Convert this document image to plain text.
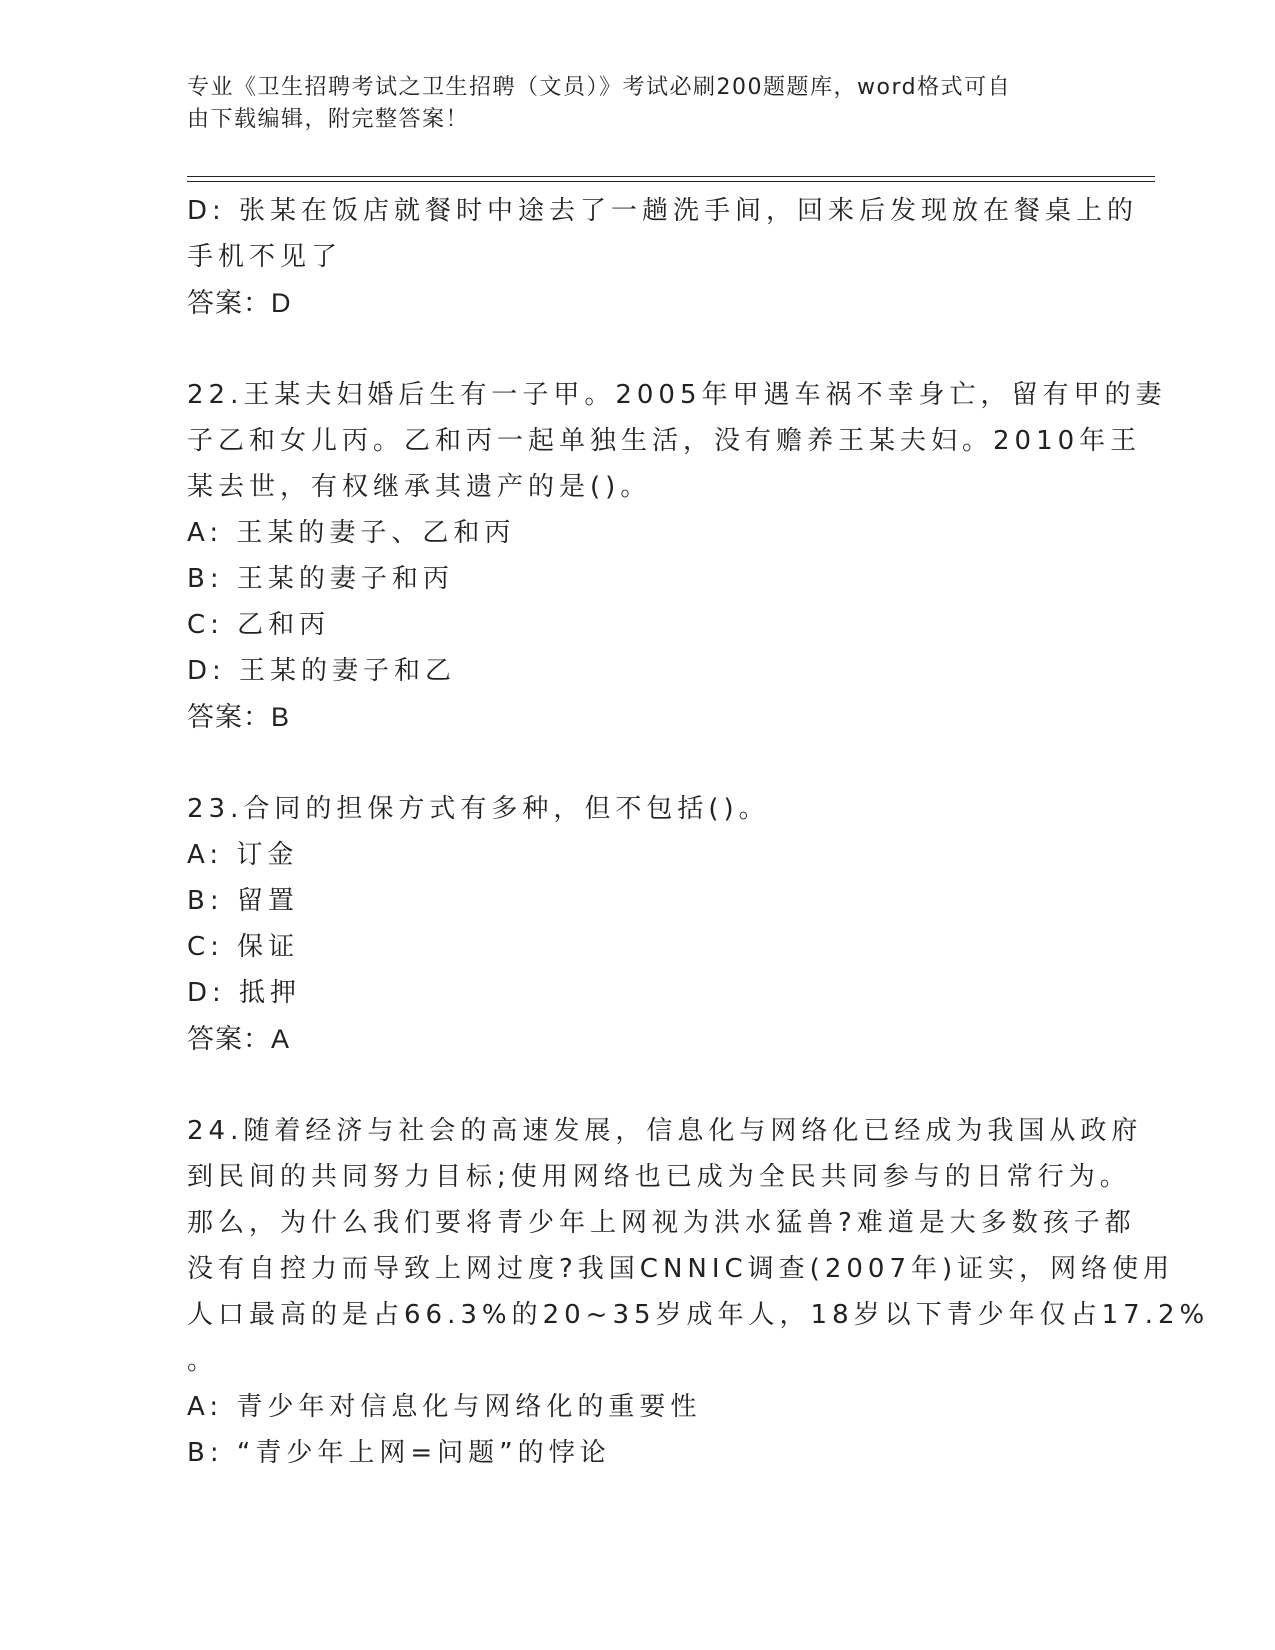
专业《卫生招聘考试之卫生招聘（文员）》考试必刷200题题库，word格式可自
由下载编辑，附完整答案！
D: 张某在饭店就餐时中途去了一趟洗手间，回来后发现放在餐桌上的
手机不见了
答案：D
22.王某夫妇婚后生有一子甲。2005年甲遇车祸不幸身亡，留有甲的妻
子乙和女儿丙。乙和丙一起单独生活，没有赡养王某夫妇。2010年王
某去世，有权继承其遗产的是()。
A: 王某的妻子、乙和丙
B: 王某的妻子和丙
C: 乙和丙
D: 王某的妻子和乙
答案：B
23.合同的担保方式有多种，但不包括()。
A: 订金
B: 留置
C: 保证
D: 抵押
答案：A
24.随着经济与社会的高速发展，信息化与网络化已经成为我国从政府
到民间的共同努力目标;使用网络也已成为全民共同参与的日常行为。
那么，为什么我们要将青少年上网视为洪水猛兽?难道是大多数孩子都
没有自控力而导致上网过度?我国CNNIC调查(2007年)证实，网络使用
人口最高的是占66.3%的20~35岁成年人，18岁以下青少年仅占17.2%
。
A: 青少年对信息化与网络化的重要性
B: “青少年上网=问题”的悖论
